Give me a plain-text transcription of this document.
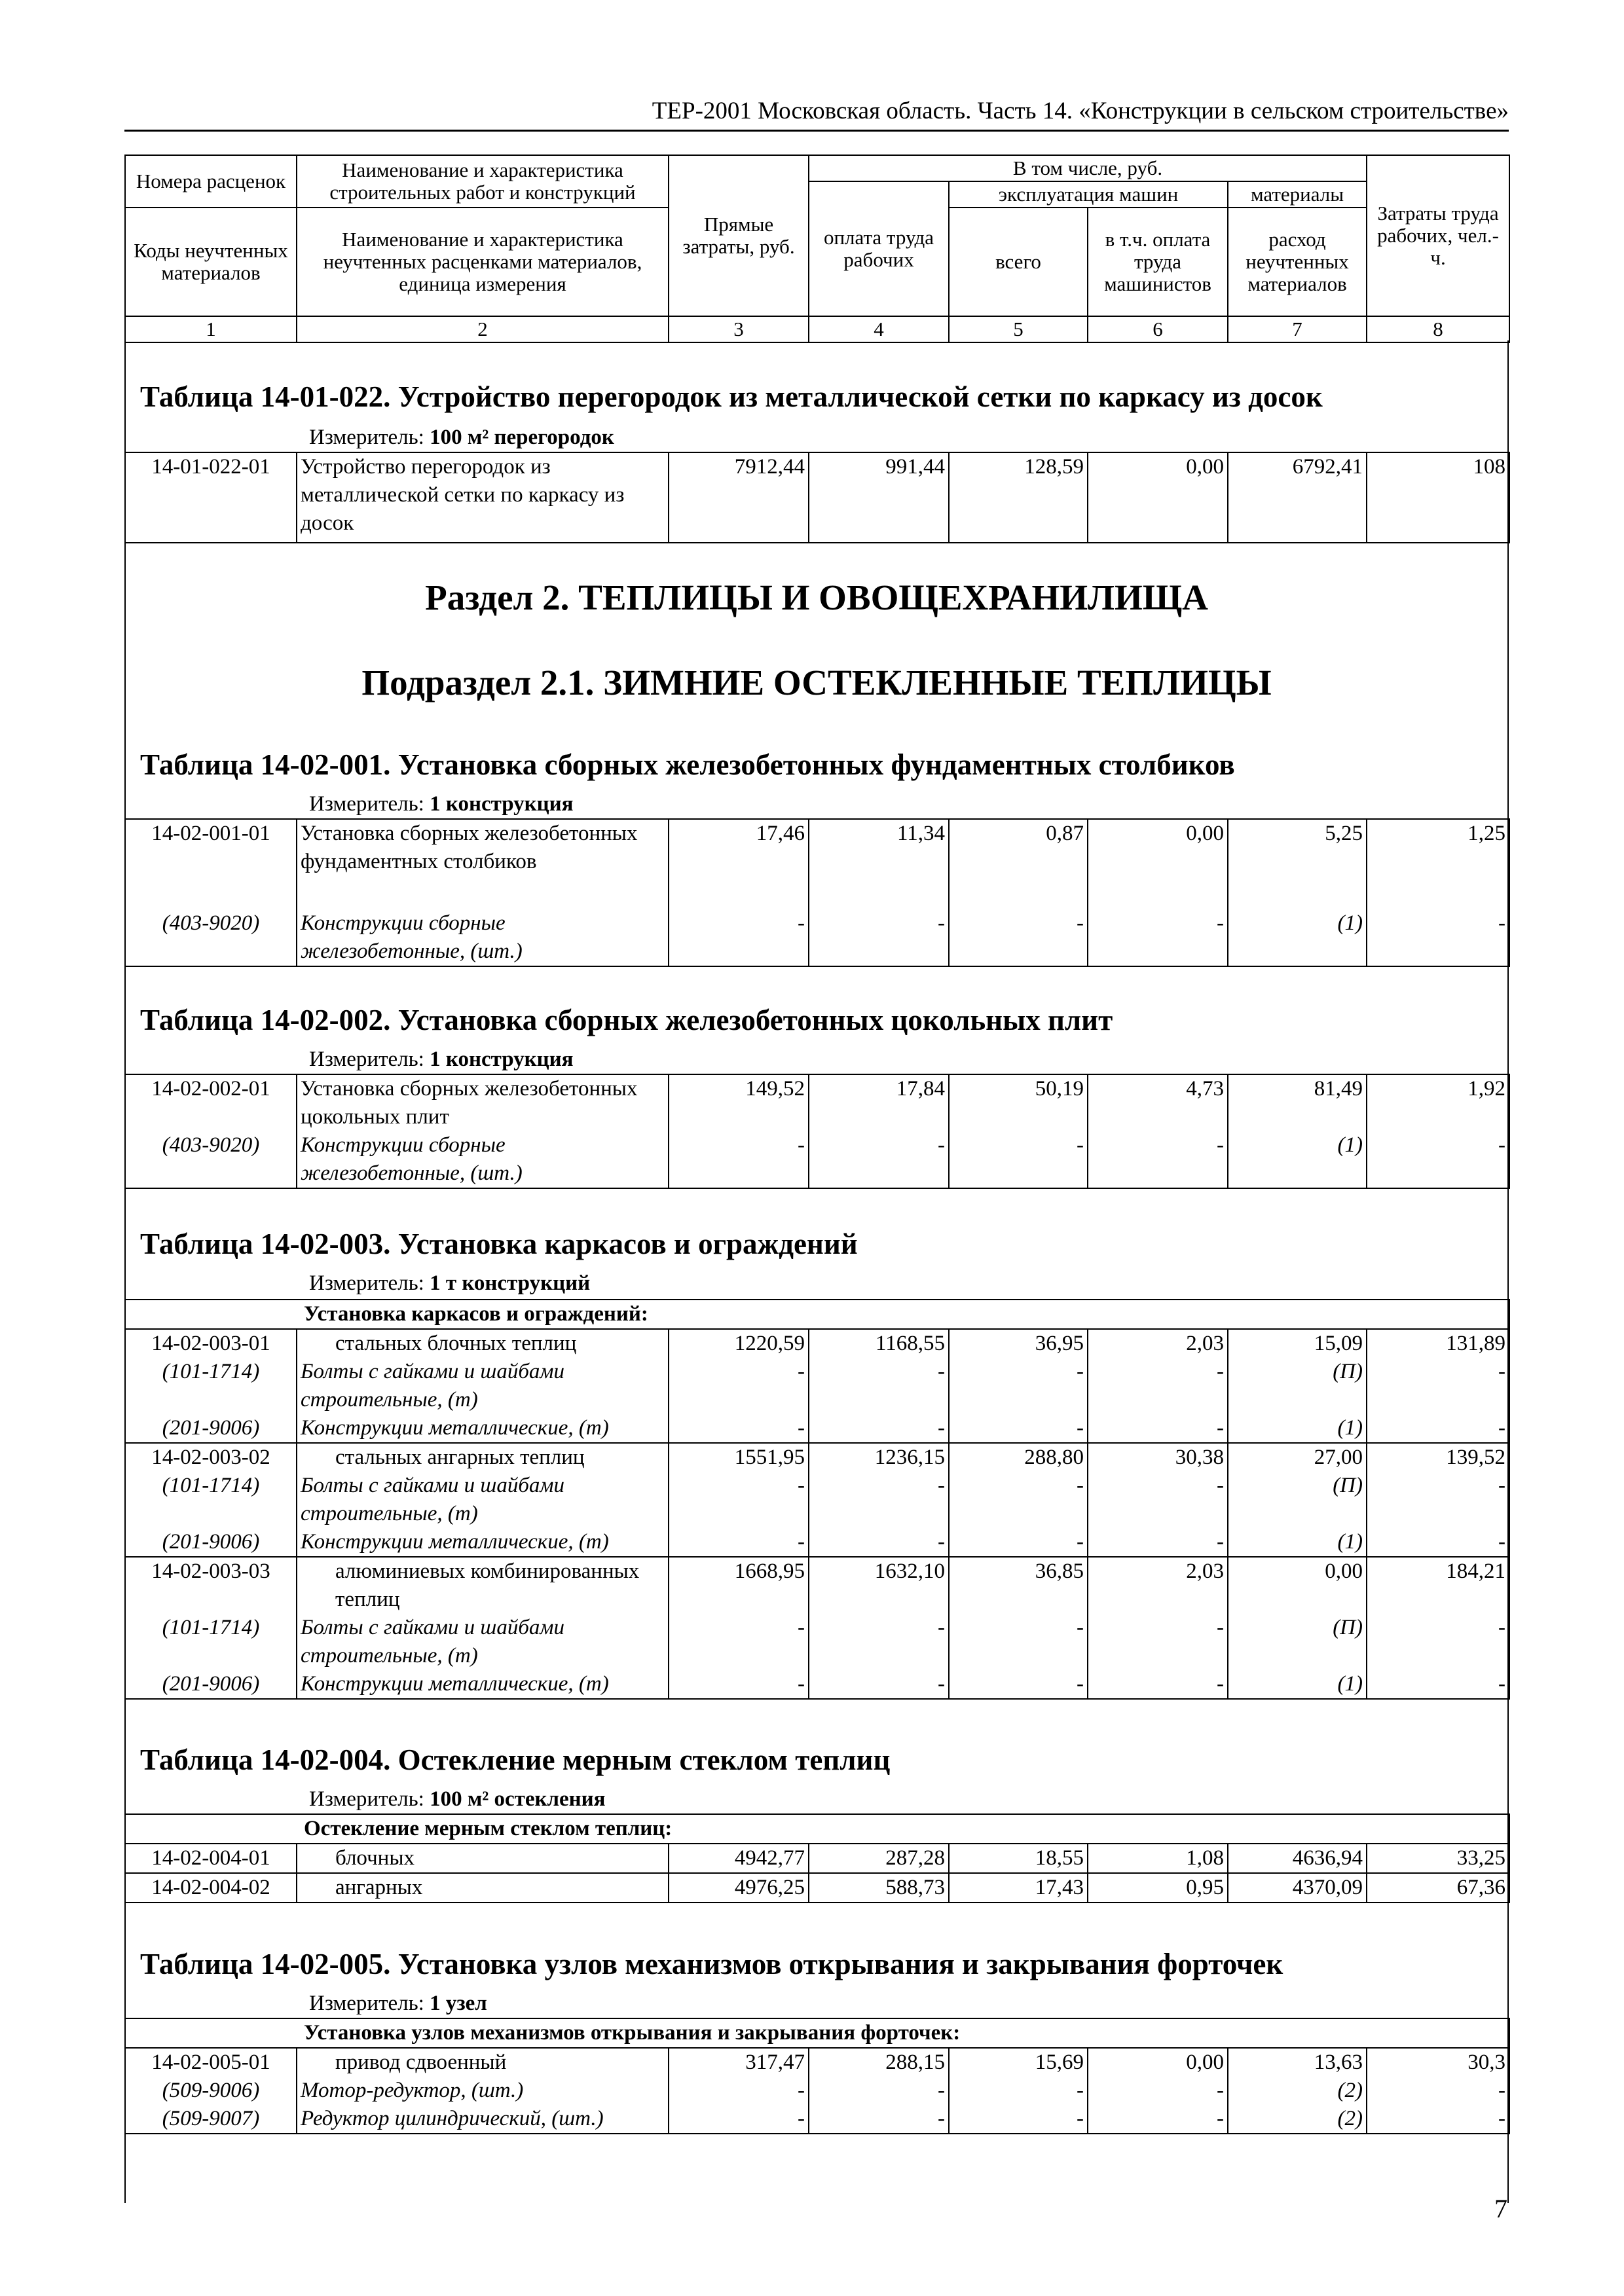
ТЕР-2001 Московская область. Часть 14. «Конструкции в сельском строительстве»
Номера расценок	Наименование и характеристика строительных работ и конструкций	Прямые затраты, руб.	В том числе, руб.				Затраты труда рабочих, чел.-ч.
			оплата труда рабочих	эксплуатация машин		материалы	
Коды неучтенных материалов	Наименование и характеристика неучтенных расценками материалов, единица измерения			всего	в т.ч. оплата труда машинистов	расход неучтенных материалов	

1	2	3	4	5	6	7	8
Таблица 14-01-022. Устройство перегородок из металлической сетки по каркасу из досок
Измеритель: 100 м² перегородок
14-01-022-01	Устройство перегородок из металлической сетки по каркасу из досок	7912,44	991,44	128,59	0,00	6792,41	108
Раздел 2. ТЕПЛИЦЫ И ОВОЩЕХРАНИЛИЩА
Подраздел 2.1. ЗИМНИЕ ОСТЕКЛЕННЫЕ ТЕПЛИЦЫ
Таблица 14-02-001. Установка сборных железобетонных фундаментных столбиков
Измеритель: 1 конструкция
14-02-001-01	Установка сборных железобетонных фундаментных столбиков	17,46	11,34	0,87	0,00	5,25	1,25
(403-9020)	Конструкции сборные железобетонные, (шт.)	-	-	-	-	(1)	-
Таблица 14-02-002. Установка сборных железобетонных цокольных плит
Измеритель: 1 конструкция
14-02-002-01	Установка сборных железобетонных цокольных плит	149,52	17,84	50,19	4,73	81,49	1,92
(403-9020)	Конструкции сборные железобетонные, (шт.)	-	-	-	-	(1)	-
Таблица 14-02-003. Установка каркасов и ограждений
Измеритель: 1 т конструкций
Установка каркасов и ограждений:							
14-02-003-01	стальных блочных теплиц	1220,59	1168,55	36,95	2,03	15,09	131,89
(101-1714)	Болты с гайками и шайбами строительные, (т)	-	-	-	-	(П)	-
(201-9006)	Конструкции металлические, (т)	-	-	-	-	(1)	-
14-02-003-02	стальных ангарных теплиц	1551,95	1236,15	288,80	30,38	27,00	139,52
(101-1714)	Болты с гайками и шайбами строительные, (т)	-	-	-	-	(П)	-
(201-9006)	Конструкции металлические, (т)	-	-	-	-	(1)	-
14-02-003-03	алюминиевых комбинированных теплиц	1668,95	1632,10	36,85	2,03	0,00	184,21
(101-1714)	Болты с гайками и шайбами строительные, (т)	-	-	-	-	(П)	-
(201-9006)	Конструкции металлические, (т)	-	-	-	-	(1)	-
Таблица 14-02-004. Остекление мерным стеклом теплиц
Измеритель: 100 м² остекления
Остекление мерным стеклом теплиц:							
14-02-004-01	блочных	4942,77	287,28	18,55	1,08	4636,94	33,25
14-02-004-02	ангарных	4976,25	588,73	17,43	0,95	4370,09	67,36
Таблица 14-02-005. Установка узлов механизмов открывания и закрывания форточек
Измеритель: 1 узел
Установка узлов механизмов открывания и закрывания форточек:							
14-02-005-01	привод сдвоенный	317,47	288,15	15,69	0,00	13,63	30,3
(509-9006)	Мотор-редуктор, (шт.)	-	-	-	-	(2)	-
(509-9007)	Редуктор цилиндрический, (шт.)	-	-	-	-	(2)	-
7
